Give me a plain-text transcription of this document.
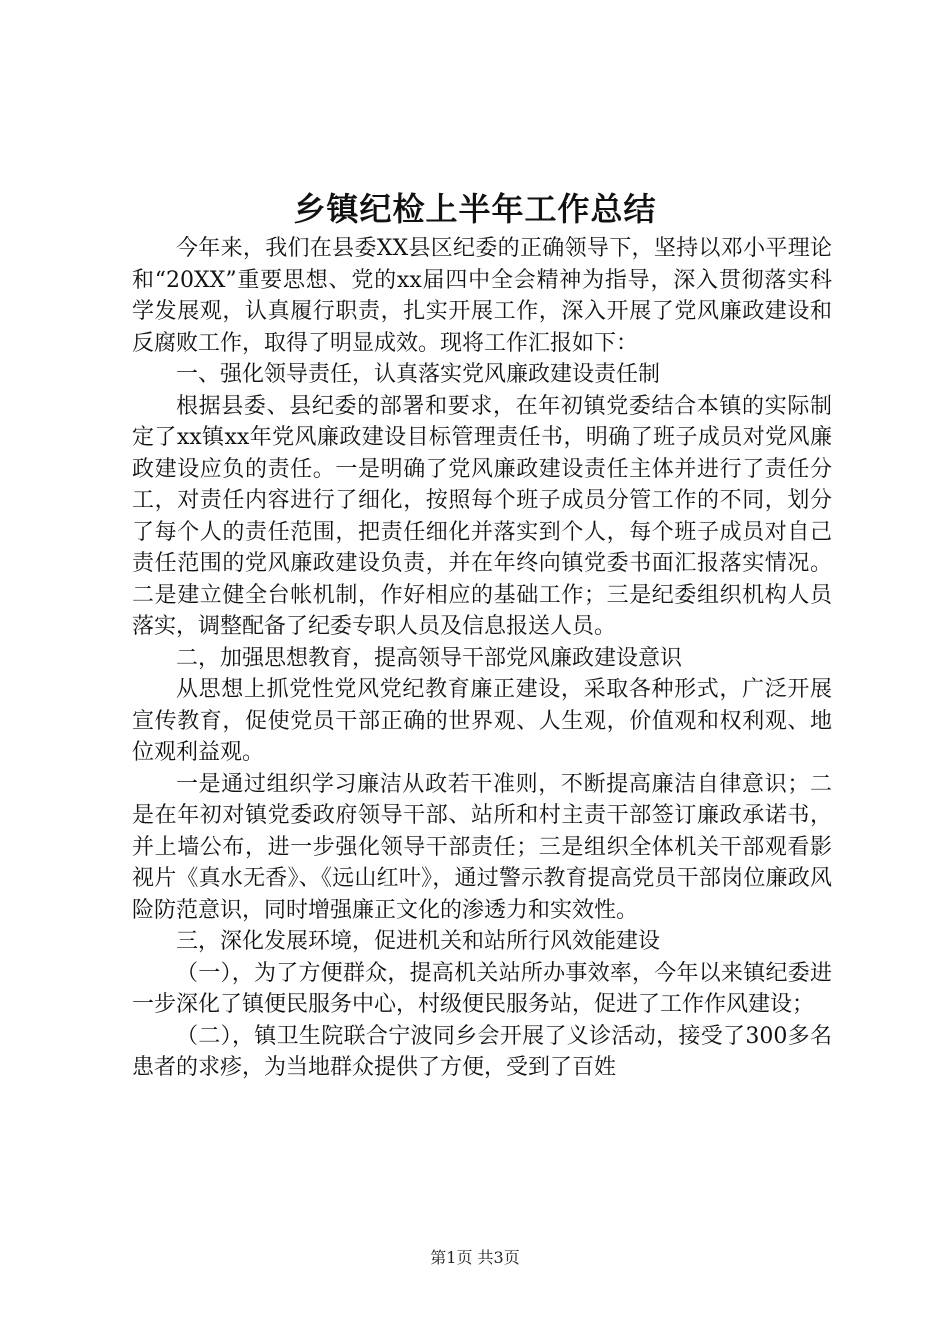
乡镇纪检上半年工作总结

今年来，我们在县委XX县区纪委的正确领导下，坚持以邓小平理论和“20XX”重要思想、党的xx届四中全会精神为指导，深入贯彻落实科学发展观，认真履行职责，扎实开展工作，深入开展了党风廉政建设和反腐败工作，取得了明显成效。现将工作汇报如下：

一、强化领导责任，认真落实党风廉政建设责任制

根据县委、县纪委的部署和要求，在年初镇党委结合本镇的实际制定了xx镇xx年党风廉政建设目标管理责任书，明确了班子成员对党风廉政建设应负的责任。一是明确了党风廉政建设责任主体并进行了责任分工，对责任内容进行了细化，按照每个班子成员分管工作的不同，划分了每个人的责任范围，把责任细化并落实到个人，每个班子成员对自己责任范围的党风廉政建设负责，并在年终向镇党委书面汇报落实情况。二是建立健全台帐机制，作好相应的基础工作；三是纪委组织机构人员落实，调整配备了纪委专职人员及信息报送人员。

二，加强思想教育，提高领导干部党风廉政建设意识

从思想上抓党性党风党纪教育廉正建设，采取各种形式，广泛开展宣传教育，促使党员干部正确的世界观、人生观，价值观和权利观、地位观利益观。

一是通过组织学习廉洁从政若干准则，不断提高廉洁自律意识；二是在年初对镇党委政府领导干部、站所和村主责干部签订廉政承诺书，并上墙公布，进一步强化领导干部责任；三是组织全体机关干部观看影视片《真水无香》、《远山红叶》，通过警示教育提高党员干部岗位廉政风险防范意识，同时增强廉正文化的渗透力和实效性。

三，深化发展环境，促进机关和站所行风效能建设

（一），为了方便群众，提高机关站所办事效率，今年以来镇纪委进一步深化了镇便民服务中心，村级便民服务站，促进了工作作风建设；

（二），镇卫生院联合宁波同乡会开展了义诊活动，接受了300多名患者的求疹，为当地群众提供了方便，受到了百姓

第1页 共3页
